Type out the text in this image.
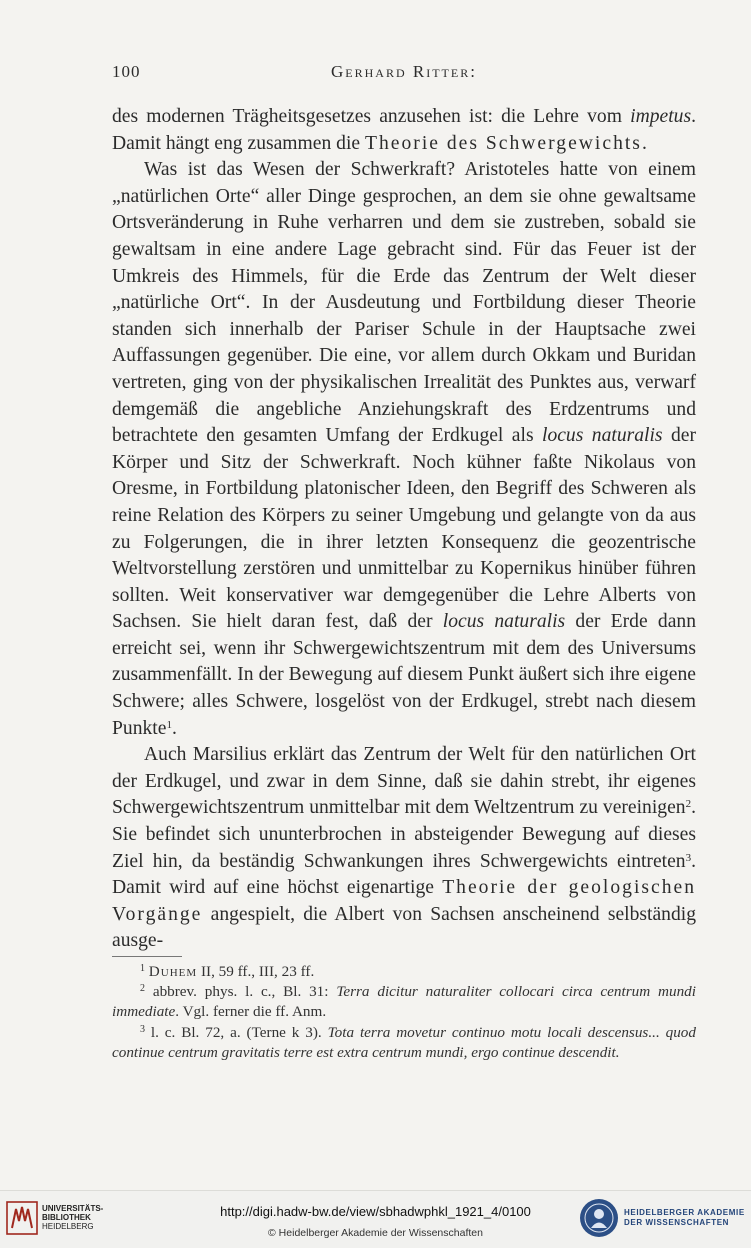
100	Gerhard Ritter:

des modernen Trägheitsgesetzes anzusehen ist: die Lehre vom impetus. Damit hängt eng zusammen die Theorie des Schwergewichts.

Was ist das Wesen der Schwerkraft? Aristoteles hatte von einem „natürlichen Orte“ aller Dinge gesprochen, an dem sie ohne gewaltsame Ortsveränderung in Ruhe verharren und dem sie zustreben, sobald sie gewaltsam in eine andere Lage gebracht sind. Für das Feuer ist der Umkreis des Himmels, für die Erde das Zentrum der Welt dieser „natürliche Ort“. In der Ausdeutung und Fortbildung dieser Theorie standen sich innerhalb der Pariser Schule in der Hauptsache zwei Auffassungen gegenüber. Die eine, vor allem durch Okkam und Buridan vertreten, ging von der physikalischen Irrealität des Punktes aus, verwarf demgemäß die angebliche Anziehungskraft des Erdzentrums und betrachtete den gesamten Umfang der Erdkugel als locus naturalis der Körper und Sitz der Schwerkraft. Noch kühner faßte Nikolaus von Oresme, in Fortbildung platonischer Ideen, den Begriff des Schweren als reine Relation des Körpers zu seiner Umgebung und gelangte von da aus zu Folgerungen, die in ihrer letzten Konsequenz die geozentrische Weltvorstellung zerstören und unmittelbar zu Kopernikus hinüber führen sollten. Weit konservativer war demgegenüber die Lehre Alberts von Sachsen. Sie hielt daran fest, daß der locus naturalis der Erde dann erreicht sei, wenn ihr Schwergewichtszentrum mit dem des Universums zusammenfällt. In der Bewegung auf diesem Punkt äußert sich ihre eigene Schwere; alles Schwere, losgelöst von der Erdkugel, strebt nach diesem Punkte$^1$.

Auch Marsilius erklärt das Zentrum der Welt für den natürlichen Ort der Erdkugel, und zwar in dem Sinne, daß sie dahin strebt, ihr eigenes Schwergewichtszentrum unmittelbar mit dem Weltzentrum zu vereinigen$^2$. Sie befindet sich ununterbrochen in absteigender Bewegung auf dieses Ziel hin, da beständig Schwankungen ihres Schwergewichts eintreten$^3$. Damit wird auf eine höchst eigenartige Theorie der geologischen Vorgänge angespielt, die Albert von Sachsen anscheinend selbständig ausge-

$^1$ Duhem II, 59 ff., III, 23 ff.

$^2$ abbrev. phys. l. c., Bl. 31: Terra dicitur naturaliter collocari circa centrum mundi immediate. Vgl. ferner die ff. Anm.

$^3$ l. c. Bl. 72, a. (Terne k 3). Tota terra movetur continuo motu locali descensus... quod continue centrum gravitatis terre est extra centrum mundi, ergo continue descendit.

UNIVERSITÄTS-
BIBLIOTHEK
HEIDELBERG
http://digi.hadw-bw.de/view/sbhadwphkl_1921_4/0100
© Heidelberger Akademie der Wissenschaften
HEIDELBERGER AKADEMIE
DER WISSENSCHAFTEN
